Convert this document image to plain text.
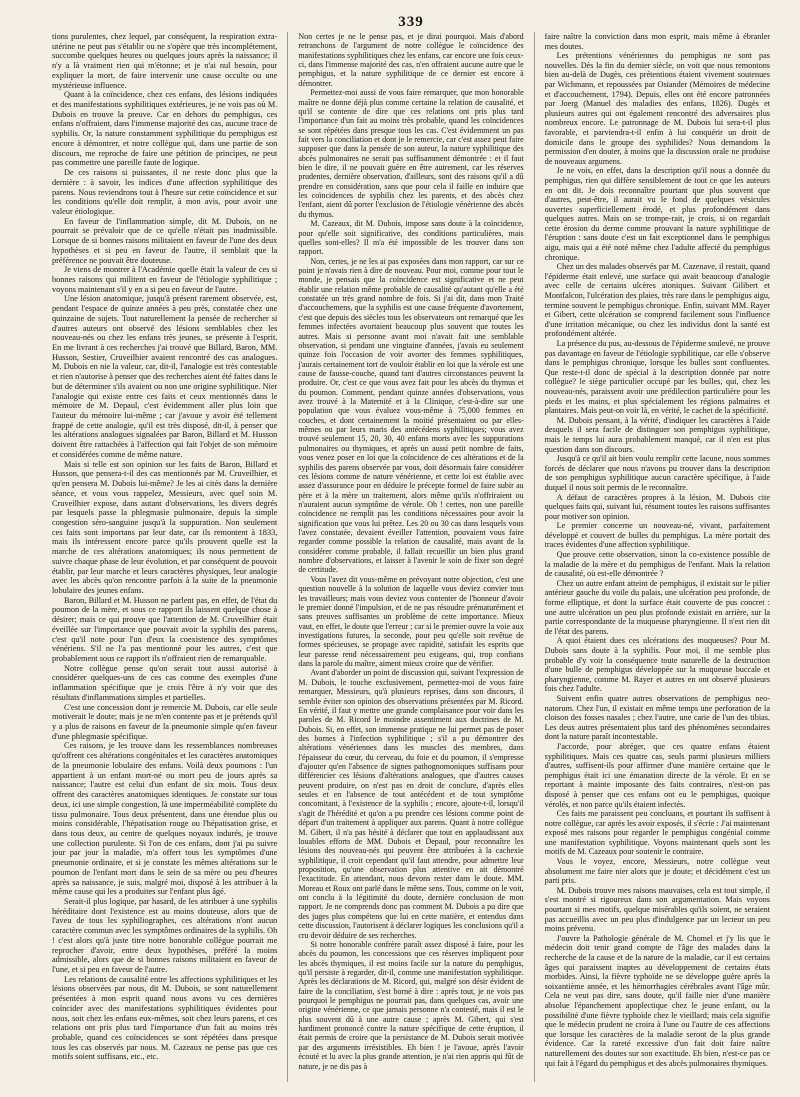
339

tions purulentes, chez lequel, par conséquent, la respiration extra-utérine ne peut pas s'établir ou ne s'opère que très incomplétement, succombe quelques heures ou quelques jours après la naissance; il n'y a là vraiment rien qui m'étonne; et je n'ai nul besoin, pour expliquer la mort, de faire intervenir une cause occulte ou une mystérieuse influence.

Quant à la coïncidence, chez ces enfans, des lésions indiquées et des manifestations syphilitiques extérieures, je ne vois pas où M. Dubois en trouve la preuve. Car en dehors du pemphigus, ces enfans n'offraient, dans l'immense majorité des cas, aucune trace de syphilis. Or, la nature constamment syphilitique du pemphigus est encore à démontrer, et notre collègue qui, dans une partie de son discours, me reproche de faire une pétition de principes, ne peut pas commettre une pareille faute de logique.

De ces raisons si puissantes, il ne reste donc plus que la dernière : à savoir, les indices d'une affection syphilitique des parens. Nous reviendrons tout à l'heure sur cette coïncidence et sur les conditions qu'elle doit remplir, à mon avis, pour avoir une valeur étiologique.

En faveur de l'inflammation simple, dit M. Dubois, on ne pourrait se prévaloir que de ce qu'elle n'était pas inadmissible. Lorsque de si bonnes raisons militaient en faveur de l'une des deux hypothèses et si peu en faveur de l'autre, il semblait que la préférence ne pouvait être douteuse.

Je viens de montrer à l'Académie quelle était la valeur de ces si bonnes raisons qui militent en faveur de l'étiologie syphilitique ; voyons maintenant s'il y en a si peu en faveur de l'autre.

Une lésion anatomique, jusqu'à présent rarement observée, est, pendant l'espace de quinze années à peu près, constatée chez une quinzaine de sujets. Tout naturellement la pensée de rechercher si d'autres auteurs ont observé des lésions semblables chez les nouveau-nés ou chez les enfans très jeunes, se présente à l'esprit. En me livrant à ces recherches j'ai trouvé que Billard, Baron, MM. Husson, Sestier, Cruveilhier avaient rencontré des cas analogues. M. Dubois en nie la valeur, car, dit-il, l'analogie est très contestable et rien n'autorise à penser que des recherches aient été faites dans le but de déterminer s'ils avaient ou non une origine syphilitique. Nier l'analogie qui existe entre ces faits et ceux mentionnés dans le mémoire de M. Depaul, c'est évidemment aller plus loin que l'auteur du mémoire lui-même ; car j'avoue y avoir été tellement frappé de cette analogie, qu'il est très disposé, dit-il, à penser que les altérations analogues signalées par Baron, Billard et M. Husson doivent être rattachées à l'affection qui fait l'objet de son mémoire et considérées comme de même nature.

Mais si telle est son opinion sur les faits de Baron, Billard et Husson, que pensera-t-il des cas mentionnés par M. Cruveilhier, et qu'en pensera M. Dubois lui-même? Je les ai cités dans la dernière séance, et vous vous rappelez, Messieurs, avec quel soin M. Cruveilhier expose, dans autant d'observations, les divers degrés par lesquels passe la phlegmasie pulmonaire, depuis la simple congestion séro-sanguine jusqu'à la suppuration. Non seulement ces faits sont importans par leur date, car ils remontent à 1833, mais ils intéressent encore parce qu'ils prouvent quelle est la marche de ces altérations anatomiques; ils nous permettent de suivre chaque phase de leur évolution, et par conséquent de pouvoir établir, par leur marche et leurs caractères physiques, leur analogie avec les abcès qu'on rencontre parfois à la suite de la pneumonie lobulaire des jeunes enfans.

Baron, Billard et M. Husson ne parlent pas, en effet, de l'état du poumon de la mère, et sous ce rapport ils laissent quelque chose à désirer; mais ce qui prouve que l'attention de M. Cruveilhier était éveillée sur l'importance que pouvait avoir la syphilis des parens, c'est qu'il note pour l'un d'eux la coexistence des symptômes vénériens. S'il ne l'a pas mentionné pour les autres, c'est que probablement sous ce rapport ils n'offraient rien de remarquable.

Notre collègue pense qu'on serait tout aussi autorisé à considérer quelques-uns de ces cas comme des exemples d'une inflammation spécifique que je crois l'être à n'y voir que des résultats d'inflammations simples et partielles.

C'est une concession dont je remercie M. Dubois, car elle seule motiverait le doute; mais je ne m'en contente pas et je prétends qu'il y a plus de raisons en faveur de la pneumonie simple qu'en faveur d'une phlegmasie spécifique.

Ces raisons, je les trouve dans les ressemblances nombreuses qu'offrent ces altérations congénitales et les caractères anatomiques de la pneumonie lobulaire des enfans. Voilà deux poumons : l'un appartient à un enfant mort-né ou mort peu de jours après sa naissance; l'autre est celui d'un enfant de six mois. Tous deux offrent des caractères anatomiques identiques. Je constate sur tous deux, ici une simple congestion, là une imperméabilité complète du tissu pulmonaire. Tous deux présentent, dans une étendue plus ou moins considérable, l'hépatisation rouge ou l'hépatisation grise, et dans tous deux, au centre de quelques noyaux indurés, je trouve une collection purulente. Si l'on de ces enfans, dont j'ai pu suivre jour par jour la maladie, m'a offert tous les symptômes d'une pneumonie ordinaire, et si je constate les mêmes altérations sur le poumon de l'enfant mort dans le sein de sa mère ou peu d'heures après sa naissance, je suis, malgré moi, disposé à les attribuer à la même cause qui les a produites sur l'enfant plus âgé.

Serait-il plus logique, par hasard, de les attribuer à une syphilis héréditaire dont l'existence est au moins douteuse, alors que de l'aveu de tous les syphiliographes, ces altérations n'ont aucun caractère commun avec les symptômes ordinaires de la syphilis. Oh ! c'est alors qu'à juste titre notre honorable collègue pourrait me reprocher d'avoir, entre deux hypothèses, préféré la moins admissible, alors que de si bonnes raisons militaient en faveur de l'une, et si peu en faveur de l'autre.

Les relations de causalité entre les affections syphilitiques et les lésions observées par nous, dit M. Dubois, se sont naturellement présentées à mon esprit quand nous avons vu ces dernières coïncider avec des manifestations syphilitiques évidentes pour nous, soit chez les enfans eux-mêmes, soit chez leurs parens, et ces relations ont pris plus tard l'importance d'un fait au moins très probable, quand ces coïncidences se sont répétées dans presque tous les cas observés par nous. M. Cazeaux ne pense pas que ces motifs soient suffisans, etc., etc.

Non certes je ne le pense pas, et je dirai pourquoi. Mais d'abord retranchons de l'argument de notre collègue le coïncidence des manifestations syphilitiques chez les enfans, car encore une fois ceux-ci, dans l'immense majorité des cas, n'en offraient aucune autre que le pemphigus, et la nature syphilitique de ce dernier est encore à démontrer.

Permettez-moi aussi de vous faire remarquer, que mon honorable maître ne donne déjà plus comme certaine la relation de causalité, et qu'il se contente de dire que ces relations ont pris plus tard l'importance d'un fait au moins très probable, quand les coïncidences se sont répétées dans presque tous les cas. C'est évidemment un pas fait vers la conciliation et dont je le remercie, car c'est assez peut faire supposer que dans la pensée de son auteur, la nature syphilitique des abcès pulmonaires ne serait pas suffisamment démontrée : et il faut bien le dire, il ne pouvait guère en être autrement, car les réserves prudentes, dernière observation, d'ailleurs, sont des raisons qu'il a dû prendre en considération, sans que pour cela il faille en induire que les coïncidences de syphilis chez les parents, et des abcès chez l'enfant, aient dû porter l'exclusion de l'étiologie vénérienne des abcès du thymus.

M. Cazeaux, dit M. Dubois, impose sans doute à la coïncidence, pour qu'elle soit significative, des conditions particulières, mais quelles sont-elles? Il m'a été impossible de les trouver dans son rapport.

Non, certes, je ne les ai pas exposées dans mon rapport, car sur ce point je n'avais rien à dire de nouveau. Pour moi, comme pour tout le monde, je pensais que la coïncidence est significative et ne peut établir une relation même probable de causalité qu'autant qu'elle a été constatée un très grand nombre de fois. Si j'ai dit, dans mon Traité d'accouchemens, que la syphilis est une cause fréquente d'avortement, c'est que depuis des siècles tous les observateurs ont remarqué que les femmes infectées avortaient beaucoup plus souvent que toutes les autres. Mais si personne avant moi n'avait fait une semblable observation, si pendant une vingtaine d'années, j'avais eu seulement quinze fois l'occasion de voir avorter des femmes syphilitiques, j'aurais certainement tort de vouloir établir en loi que la vérole est une cause de fausse-couche, quand tant d'autres circonstances peuvent la produire. Or, c'est ce que vous avez fait pour les abcès du thymus et du poumon. Comment, pendant quinze années d'observations, vous avez trouvé à la Maternité et à la Clinique, c'est-à-dire sur une population que vous évaluez vous-même à 75,000 femmes en couches, et dont certainement la moitié présentaient ou par elles-mêmes ou par leurs maris des antécédens syphilitiques; vous avez trouvé seulement 15, 20, 30, 40 enfans morts avec les suppurations pulmonaires ou thymiques, et après un aussi petit nombre de faits, vous venez poser en loi que la coïncidence de ces altérations et de la syphilis des parens observée par vous, doit désormais faire considérer ces lésions comme de nature vénérienne, et cette loi est établie avec assez d'assurance pour en déduire le précepte formel de faire subir au père et à la mère un traitement, alors même qu'ils n'offriraient ou n'auraient aucun symptôme de vérole. Oh ! certes, non une pareille coïncidence ne remplit pas les conditions nécessaires pour avoir la signification que vous lui prêtez. Les 20 ou 30 cas dans lesquels vous l'avez constatée, devaient éveiller l'attention, pouvaient vous faire regarder comme possible la relation de causalité, mais avant de la considérer comme probable, il fallait recueillir un bien plus grand nombre d'observations, et laisser à l'avenir le soin de fixer son degré de certitude.

Vous l'avez dit vous-même en prévoyant notre objection, c'est une question nouvelle à la solution de laquelle vous deviez convier tous les travailleurs; mais vous deviez vous contenter de l'honneur d'avoir le premier donné l'impulsion, et de ne pas résoudre prématurément et sans preuves suffisantes un problème de cette importance. Mieux vaut, en effet, le doute que l'erreur ; car si le premier ouvre la voie aux investigations futures, la seconde, pour peu qu'elle soit revêtue de formes spécieuses, se propage avec rapidité, satisfait les esprits que leur paresse rend nécessairement peu exigeans, qui, trop confians dans la parole du maître, aiment mieux croire que de vérifier.

Avant d'aborder un point de discussion qui, suivant l'expression de M. Dubois, le touche exclusivement, permettez-moi de vous faire remarquer, Messieurs, qu'à plusieurs reprises, dans son discours, il semble éviter son opinion des observations présentées par M. Ricord. En vérité, il faut y mettre une grande complaisance pour voir dans les paroles de M. Ricord le moindre assentiment aux doctrines de M. Dubois. Si, en effet, son immense pratique ne lui permet pas de poser des bornes à l'infection syphilitique ; s'il a pu démontrer des altérations vénériennes dans les muscles des membres, dans l'épaisseur du cœur, du cerveau, du foie et du poumon, il s'empresse d'ajouter qu'en l'absence de signes pathognomoniques suffisans pour différencier ces lésions d'altérations analogues, que d'autres causes peuvent produire, on n'est pas en droit de conclure, d'après elles seules et en l'absence de tout antécédent et de tout symptôme concomitant, à l'existence de la syphilis ; encore, ajoute-t-il, lorsqu'il s'agit de l'hérédité et qu'on a pu prendre ces lésions comme point de départ d'un traitement à appliquer aux parens. Quant à notre collègue M. Gibert, il n'a pas hésité à déclarer que tout en applaudissant aux louables efforts de MM. Dubois et Depaul, pour reconnaître les lésions des nouveau-nés qui peuvent être attribuées à la cachexie syphilitique, il croit cependant qu'il faut attendre, pour admettre leur proposition, qu'une observation plus attentive en ait démontré l'exactitude. En attendant, nous devons rester dans le doute. MM. Moreau et Roux ont parlé dans le même sens. Tous, comme on le voit, ont conclu à la légitimité du doute, dernière conclusion de mon rapport. Je ne comprends donc pas comment M. Dubois a pu dire que des juges plus compétens que lui en cette matière, et entendus dans cette discussion, l'autorisent à déclarer logiques les conclusions qu'il a cru devoir déduire de ses recherches.

Si notre honorable confrère paraît assez disposé à faire, pour les abcès du poumon, les concessions que ces réserves impliquent pour les abcès thymiques, il est moins facile sur la nature du pemphigus, qu'il persiste à regarder, dit-il, comme une manifestation syphilitique. Après les déclarations de M. Ricord, qui, malgré son désir évident de faire de la conciliation, s'est borné à dire : après tout, je ne vois pas pourquoi le pemphigus ne pourrait pas, dans quelques cas, avoir une origine vénérienne, ce que jamais personne n'a contesté, mais il est le plus souvent dû à une autre cause ; après M. Gibert, qui s'est hardiment prononcé contre la nature spécifique de cette éruption, il était permis de croire que la persistance de M. Dubois serait motivée par des arguments irrésistibles. Eh bien ! je l'avoue, après l'avoir écouté et lu avec la plus grande attention, je n'ai rien appris qui fût de nature, je ne dis pas à

faire naître la conviction dans mon esprit, mais même à ébranler mes doutes.

Les prétentions vénériennes du pemphigus ne sont pas nouvelles. Dès la fin du dernier siècle, on voit que nous remontons bien au-delà de Dugès, ces prétentions étaient vivement soutenues par Wichmann, et repoussées par Osiander (Mémoires de médecine et d'accouchement, 1794). Depuis, elles ont été encore patronnées par Joerg (Manuel des maladies des enfans, 1826). Dugès et plusieurs autres qui ont également rencontré des adversaires plus nombreux encore. Le patronnage de M. Dubois lui sera-t-il plus favorable, et parviendra-t-il enfin à lui conquérir un droit de domicile dans le groupe des syphilides? Nous demandons la permission d'en douter, à moins que la discussion orale ne produise de nouveaux argumens.

Je ne vois, en effet, dans la description qu'il nous a donnée du pemphigus, rien qui diffère sensiblement de tout ce que les auteurs en ont dit. Je dois reconnaître pourtant que plus souvent que d'autres, peut-être, il aurait vu le fond de quelques vésicules ouvertes superficiellement érodé, et plus profondément dans quelques autres. Mais on se trompe-rait, je crois, si on regardait cette érosion du derme comme prouvant la nature syphilitique de l'éruption : sans doute c'est un fait exceptionnel dans le pemphigus aigu, mais qui a été noté même chez l'adulte affecté du pemphigus chronique.

Chez un des malades observés par M. Cazenave, il restait, quand l'épiderme était enlevé, une surface qui avait beaucoup d'analogie avec celle de certains ulcères atoniques. Suivant Gilibert et Montfalcon, l'ulcération des plaies, très rare dans le pemphigus aigu, termine souvent le pemphigus chronique. Enfin, suivant MM. Rayer et Gibert, cette ulcération se comprend facilement sous l'influence d'une irritation mécanique, ou chez les individus dont la santé est profondément altérée.

La présence du pus, au-dessous de l'épiderme soulevé, ne prouve pas davantage en faveur de l'étiologie syphilitique, car elle s'observe dans le pemphigus chronique, lorsque les bulles sont confluentes. Que reste-t-il donc de spécial à la description donnée par notre collègue? le siège particulier occupé par les bulles, qui, chez les nouveau-nés, paraissent avoir une prédilection particulière pour les pieds et les mains, et plus spécialement les régions palmaires et plantaires. Mais peut-on voir là, en vérité, le cachet de la spécificité.

M. Dubois pensant, à la vérité, d'indiquer les caractères à l'aide desquels il sera facile de distinguer son pemphigus syphilitique, mais le temps lui aura probablement manqué, car il n'en est plus question dans son discours.

Jusqu'à ce qu'il ait bien voulu remplir cette lacune, nous sommes forcés de déclarer que nous n'avons pu trouver dans la description de son pemphigus syphilitique aucun caractère spécifique, à l'aide duquel il nous soit permis de le reconnaître.

A défaut de caractères propres à la lésion, M. Dubois cite quelques faits qui, suivant lui, résument toutes les raisons suffisantes pour motiver son opinion.

Le premier concerne un nouveau-né, vivant, parfaitement développé et couvert de bulles du pemphigus. La mère portait des traces évidentes d'une affection syphilitique.

Que prouve cette observation, sinon la co-existence possible de la maladie de la mère et du pemphigus de l'enfant. Mais la relation de causalité, où est-elle démontrée ?

Chez un autre enfant atteint de pemphigus, il existait sur le pilier antérieur gauche du voile du palais, une ulcération peu profonde, de forme elliptique, et dont la surface était couverte de pus concret : une autre ulcération un peu plus profonde existait en arrière, sur la partie correspondante de la muqueuse pharyngienne. Il n'est rien dit de l'état des parens.

A quoi étaient dues ces ulcérations des muqueuses? Pour M. Dubois sans doute à la syphilis. Pour moi, il me semble plus probable d'y voir la conséquence toute naturelle de la destruction d'une bulle de pemphigus développée sur la muqueuse buccale et pharyngienne, comme M. Rayer et autres en ont observé plusieurs fois chez l'adulte.

Suivent enfin quatre autres observations de pemphigus neo-natorum. Chez l'un, il existait en même temps une perforation de la cloison des fosses nasales ; chez l'autre, une carie de l'un des tibias. Les deux autres présentaient plus tard des phénomènes secondaires dont la nature paraît incontestable.

J'accorde, pour abréger, que ces quatre enfans étaient syphilitiques. Mais ces quatre cas, seuls parmi plusieurs milliers d'autres, suffisent-ils pour affirmer d'une manière certaine que le pemphigus était ici une émanation directe de la vérole. Et en se reportant à mainte imposante des faits contraires, n'est-on pas disposé à penser que ces enfans ont eu le pemphigus, quoique vérolés, et non parce qu'ils étaient infectés.

Ces faits me paraissent peu concluans, et pourtant ils suffisent à notre collègue, car après les avoir exposés, il s'écrie : J'ai maintenant exposé mes raisons pour regarder le pemphigus congénial comme une manifestation syphilitique. Voyons maintenant quels sont les motifs de M. Cazeaux pour soutenir le contraire.

Vous le voyez, encore, Messieurs, notre collègue veut absolument me faire nier alors que je doute; et décidément c'est un parti pris.

M. Dubois trouve mes raisons mauvaises, cela est tout simple, il s'est montré si rigoureux dans son argumentation. Mais voyons pourtant si mes motifs, quelque misérables qu'ils soient, ne seraient pas accueillis avec un peu plus d'indulgence par un lecteur un peu moins prévenu.

J'ouvre la Pathologie générale de M. Chomel et j'y lis que le médecin doit tenir grand compte de l'âge des malades dans la recherche de la cause et de la nature de la maladie, car il est certains âges qui paraissent inaptes au développement de certains états morbides. Ainsi, la fièvre typhoïde ne se développe guère après la soixantième année, et les hémorrhagies cérébrales avant l'âge mûr. Cela ne veut pas dire, sans doute, qu'il faille nier d'une manière absolue l'épanchement apoplectique chez le jeune enfant, ou la possibilité d'une fièvre typhoïde chez le vieillard; mais cela signifie que le médecin prudent ne croira à l'une ou l'autre de ces affections que lorsque les caractères de la maladie seront de la plus grande évidence. Car la rareté excessive d'un fait doit faire naître naturellement des doutes sur son exactitude. Eh bien, n'est-ce pas ce qui fait à l'égard du pemphigus et des abcès pulmonaires thymiques.
